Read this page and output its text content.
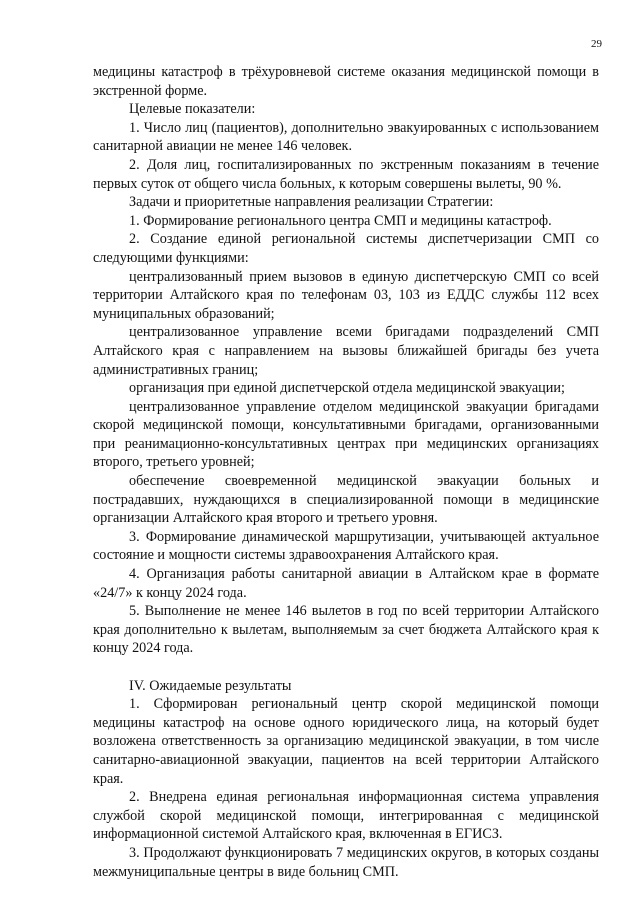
29

медицины катастроф в трёхуровневой системе оказания медицинской помощи в экстренной форме.

Целевые показатели:

1. Число лиц (пациентов), дополнительно эвакуированных с использованием санитарной авиации не менее 146 человек.

2. Доля лиц, госпитализированных по экстренным показаниям в течение первых суток от общего числа больных, к которым совершены вылеты, 90 %.

Задачи и приоритетные направления реализации Стратегии:

1. Формирование регионального центра СМП и медицины катастроф.

2. Создание единой региональной системы диспетчеризации СМП со следующими функциями:

централизованный прием вызовов в единую диспетчерскую СМП со всей территории Алтайского края по телефонам 03, 103 из ЕДДС службы 112 всех муниципальных образований;

централизованное управление всеми бригадами подразделений СМП Алтайского края с направлением на вызовы ближайшей бригады без учета административных границ;

организация при единой диспетчерской отдела медицинской эвакуации;

централизованное управление отделом медицинской эвакуации бригадами скорой медицинской помощи, консультативными бригадами, организованными при реанимационно-консультативных центрах при медицинских организациях второго, третьего уровней;

обеспечение своевременной медицинской эвакуации больных и пострадавших, нуждающихся в специализированной помощи в медицинские организации Алтайского края второго и третьего уровня.

3. Формирование динамической маршрутизации, учитывающей актуальное состояние и мощности системы здравоохранения Алтайского края.

4. Организация работы санитарной авиации в Алтайском крае в формате «24/7» к концу 2024 года.

5. Выполнение не менее 146 вылетов в год по всей территории Алтайского края дополнительно к вылетам, выполняемым за счет бюджета Алтайского края к концу 2024 года.

IV. Ожидаемые результаты

1. Сформирован региональный центр скорой медицинской помощи медицины катастроф на основе одного юридического лица, на который будет возложена ответственность за организацию медицинской эвакуации, в том числе санитарно-авиационной эвакуации, пациентов на всей территории Алтайского края.

2. Внедрена единая региональная информационная система управления службой скорой медицинской помощи, интегрированная с медицинской информационной системой Алтайского края, включенная в ЕГИСЗ.

3. Продолжают функционировать 7 медицинских округов, в которых созданы межмуниципальные центры в виде больниц СМП.
